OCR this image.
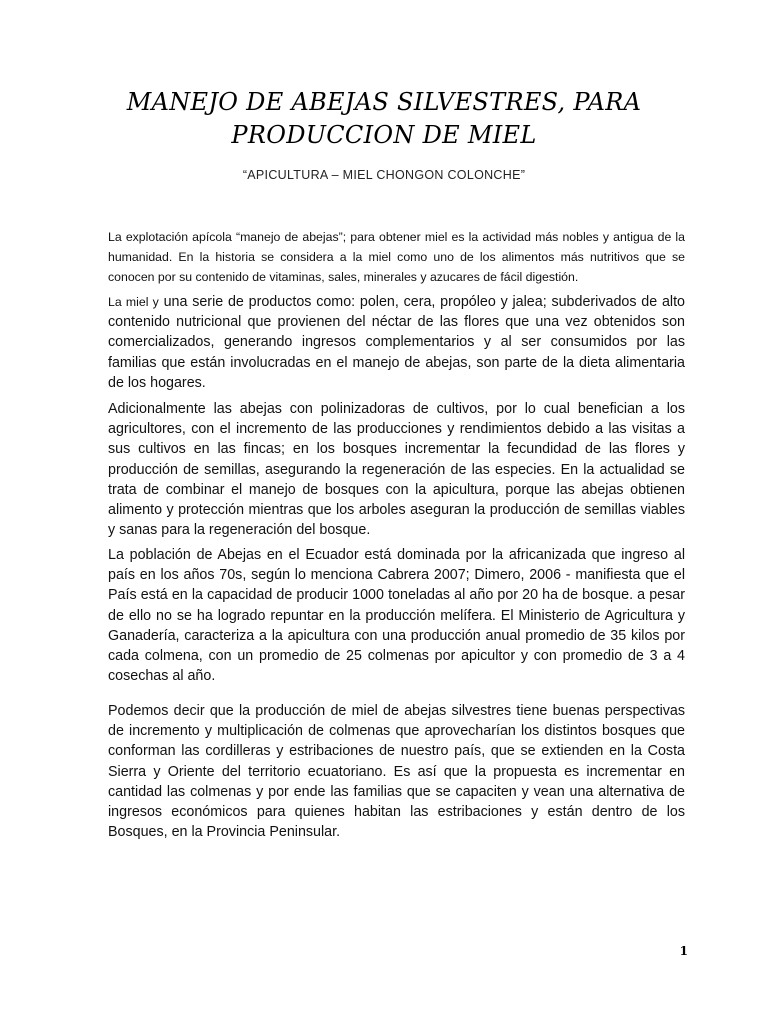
MANEJO DE ABEJAS SILVESTRES, PARA PRODUCCION DE MIEL

“APICULTURA – MIEL CHONGON COLONCHE”

La explotación apícola “manejo de abejas”; para obtener miel es la actividad más nobles y antigua de la humanidad. En la historia se considera a la miel como uno de los alimentos más nutritivos que se conocen por su contenido de vitaminas, sales, minerales y azucares de fácil digestión.

La miel y una serie de productos como: polen, cera, propóleo y jalea; subderivados de alto contenido nutricional que provienen del néctar de las flores que una vez obtenidos son comercializados, generando ingresos complementarios y al ser consumidos por las familias que están involucradas en el manejo de abejas, son parte de la dieta alimentaria de los hogares.

Adicionalmente las abejas con polinizadoras de cultivos, por lo cual benefician a los agricultores, con el incremento de las producciones y rendimientos debido a las visitas a sus cultivos en las fincas; en los bosques incrementar la fecundidad de las flores y producción de semillas, asegurando la regeneración de las especies. En la actualidad se trata de combinar el manejo de bosques con la apicultura, porque las abejas obtienen alimento y protección mientras que los arboles aseguran la producción de semillas viables y sanas para la regeneración del bosque.

La población de Abejas en el Ecuador está dominada por la africanizada que ingreso al país en los años 70s, según lo menciona Cabrera 2007; Dimero, 2006 - manifiesta que el País está en la capacidad de producir 1000 toneladas al año por 20 ha de bosque. a pesar de ello no se ha logrado repuntar en la producción melífera. El Ministerio de Agricultura y Ganadería, caracteriza a la apicultura con una producción anual promedio de 35 kilos por cada colmena, con un promedio de 25 colmenas por apicultor y con promedio de 3 a 4 cosechas al año.

Podemos decir que la producción de miel de abejas silvestres tiene buenas perspectivas de incremento y multiplicación de colmenas que aprovecharían los distintos bosques que conforman las cordilleras y estribaciones de nuestro país, que se extienden en la Costa Sierra y Oriente del territorio ecuatoriano. Es así que la propuesta es incrementar en cantidad las colmenas y por ende las familias que se capaciten y vean una alternativa de ingresos económicos para quienes habitan las estribaciones y están dentro de los Bosques, en la Provincia Peninsular.

1
